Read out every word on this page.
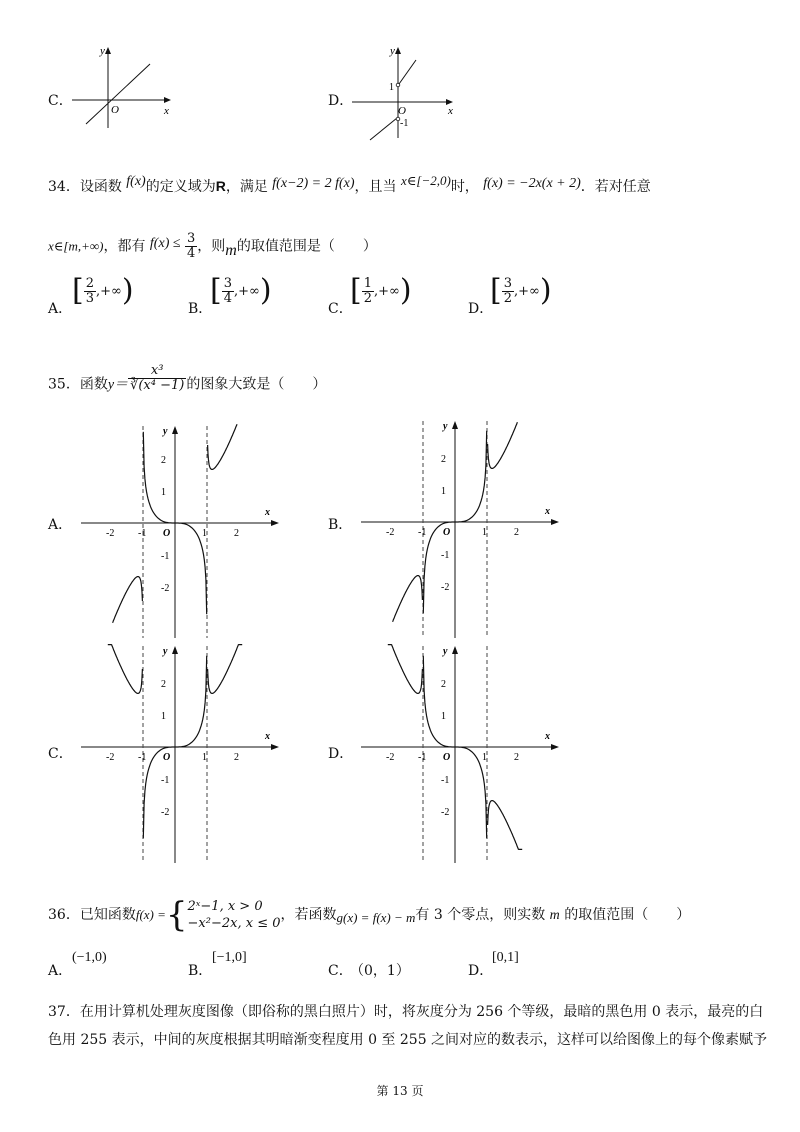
C．
x
y
O
D．
x
y
O
1
-1
34．设函数 f(x)的定义域为R，满足 f(x−2) = 2 f(x)，且当 x∈[−2,0)时， f(x) = −2x(x + 2)．若对任意
x∈[m,+∞)，都有 $f(x) \le \frac{3}{4}$ ，则m的取值范围是（　　）
A．
[ $\frac{2}{3}$ ,+∞ )
B．
[ $\frac{3}{4}$ ,+∞ )
C．
[ $\frac{1}{2}$ ,+∞ )
D．
[ $\frac{3}{2}$ ,+∞ )
35．函数$y= \frac{\text{x³}}{\text{∛(x⁴ −1)}}$ 的图象大致是（　　）
A．	B．
C．	D．
x
y
O
-2 -1	1	2
2
1
-1
-2
x
y
O
-2 -1	1	2
2
1
-1
-2
x
y
O
-2 -1	1	2
2
1
-1
-2
x
y
O
-2 -1	1	2
2
1
-1
-2
36．已知函数f(x) ={ 2ˣ−1, x > 0
−x²−2x, x ≤ 0
，若函数g(x) = f(x) − m有 3 个零点，则实数 m 的取值范围（　　）
A．
(−1,0)
B．
[−1,0]
C．
（0，1）	D．
[0,1]
37．在用计算机处理灰度图像（即俗称的黑白照片）时，将灰度分为 256 个等级，最暗的黑色用 0 表示，最亮的白
色用 255 表示，中间的灰度根据其明暗渐变程度用 0 至 255 之间对应的数表示，这样可以给图像上的每个像素赋予
第 13 页
